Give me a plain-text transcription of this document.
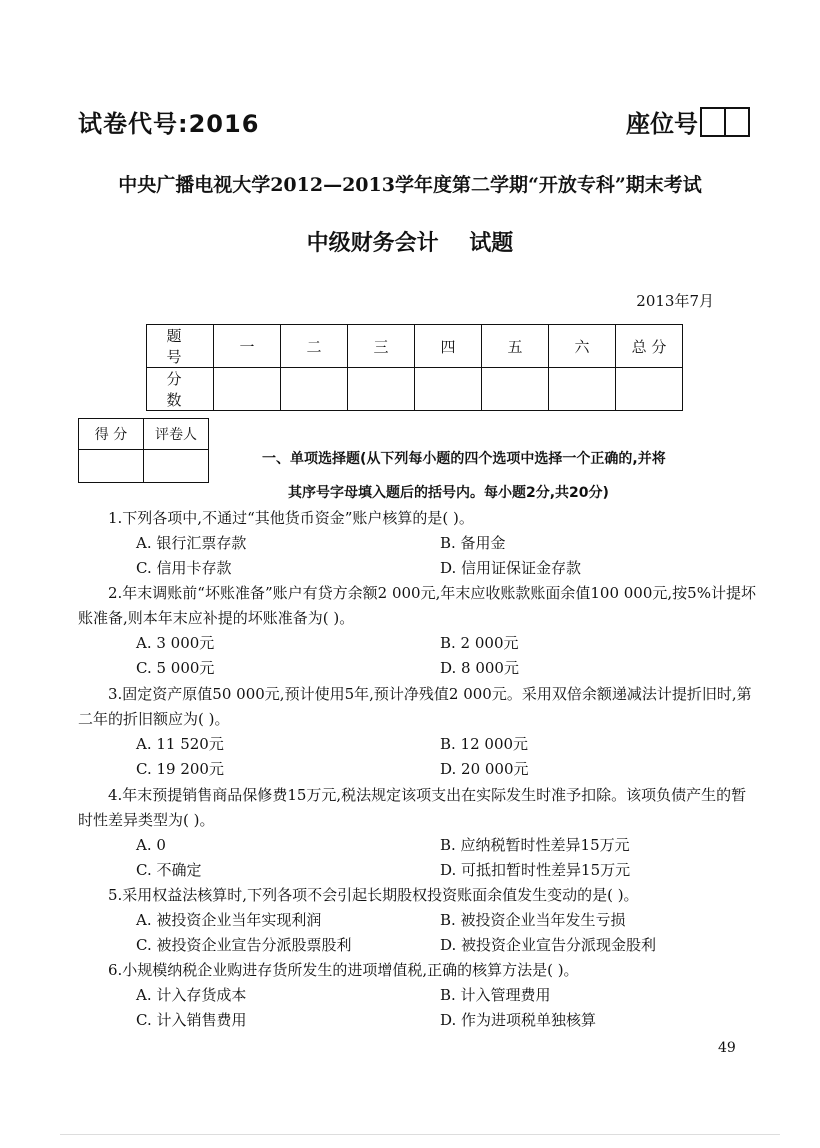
试卷代号:2016	座位号
中央广播电视大学2012—2013学年度第二学期“开放专科”期末考试
中级财务会计    试题
2013年7月
题 号	一	二	三	四	五	六	总 分
分 数							
得 分	评卷人

一、单项选择题(从下列每小题的四个选项中选择一个正确的,并将
其序号字母填入题后的括号内。每小题2分,共20分)
1.下列各项中,不通过“其他货币资金”账户核算的是( )。
A. 银行汇票存款	B. 备用金
C. 信用卡存款	D. 信用证保证金存款
2.年末调账前“坏账准备”账户有贷方余额2 000元,年末应收账款账面余值100 000元,按5%计提坏账准备,则本年末应补提的坏账准备为( )。
A. 3 000元	B. 2 000元
C. 5 000元	D. 8 000元
3.固定资产原值50 000元,预计使用5年,预计净残值2 000元。采用双倍余额递减法计提折旧时,第二年的折旧额应为( )。
A. 11 520元	B. 12 000元
C. 19 200元	D. 20 000元
4.年末预提销售商品保修费15万元,税法规定该项支出在实际发生时准予扣除。该项负债产生的暂时性差异类型为( )。
A. 0	B. 应纳税暂时性差异15万元
C. 不确定	D. 可抵扣暂时性差异15万元
5.采用权益法核算时,下列各项不会引起长期股权投资账面余值发生变动的是( )。
A. 被投资企业当年实现利润	B. 被投资企业当年发生亏损
C. 被投资企业宣告分派股票股利	D. 被投资企业宣告分派现金股利
6.小规模纳税企业购进存货所发生的进项增值税,正确的核算方法是( )。
A. 计入存货成本	B. 计入管理费用
C. 计入销售费用	D. 作为进项税单独核算
49
